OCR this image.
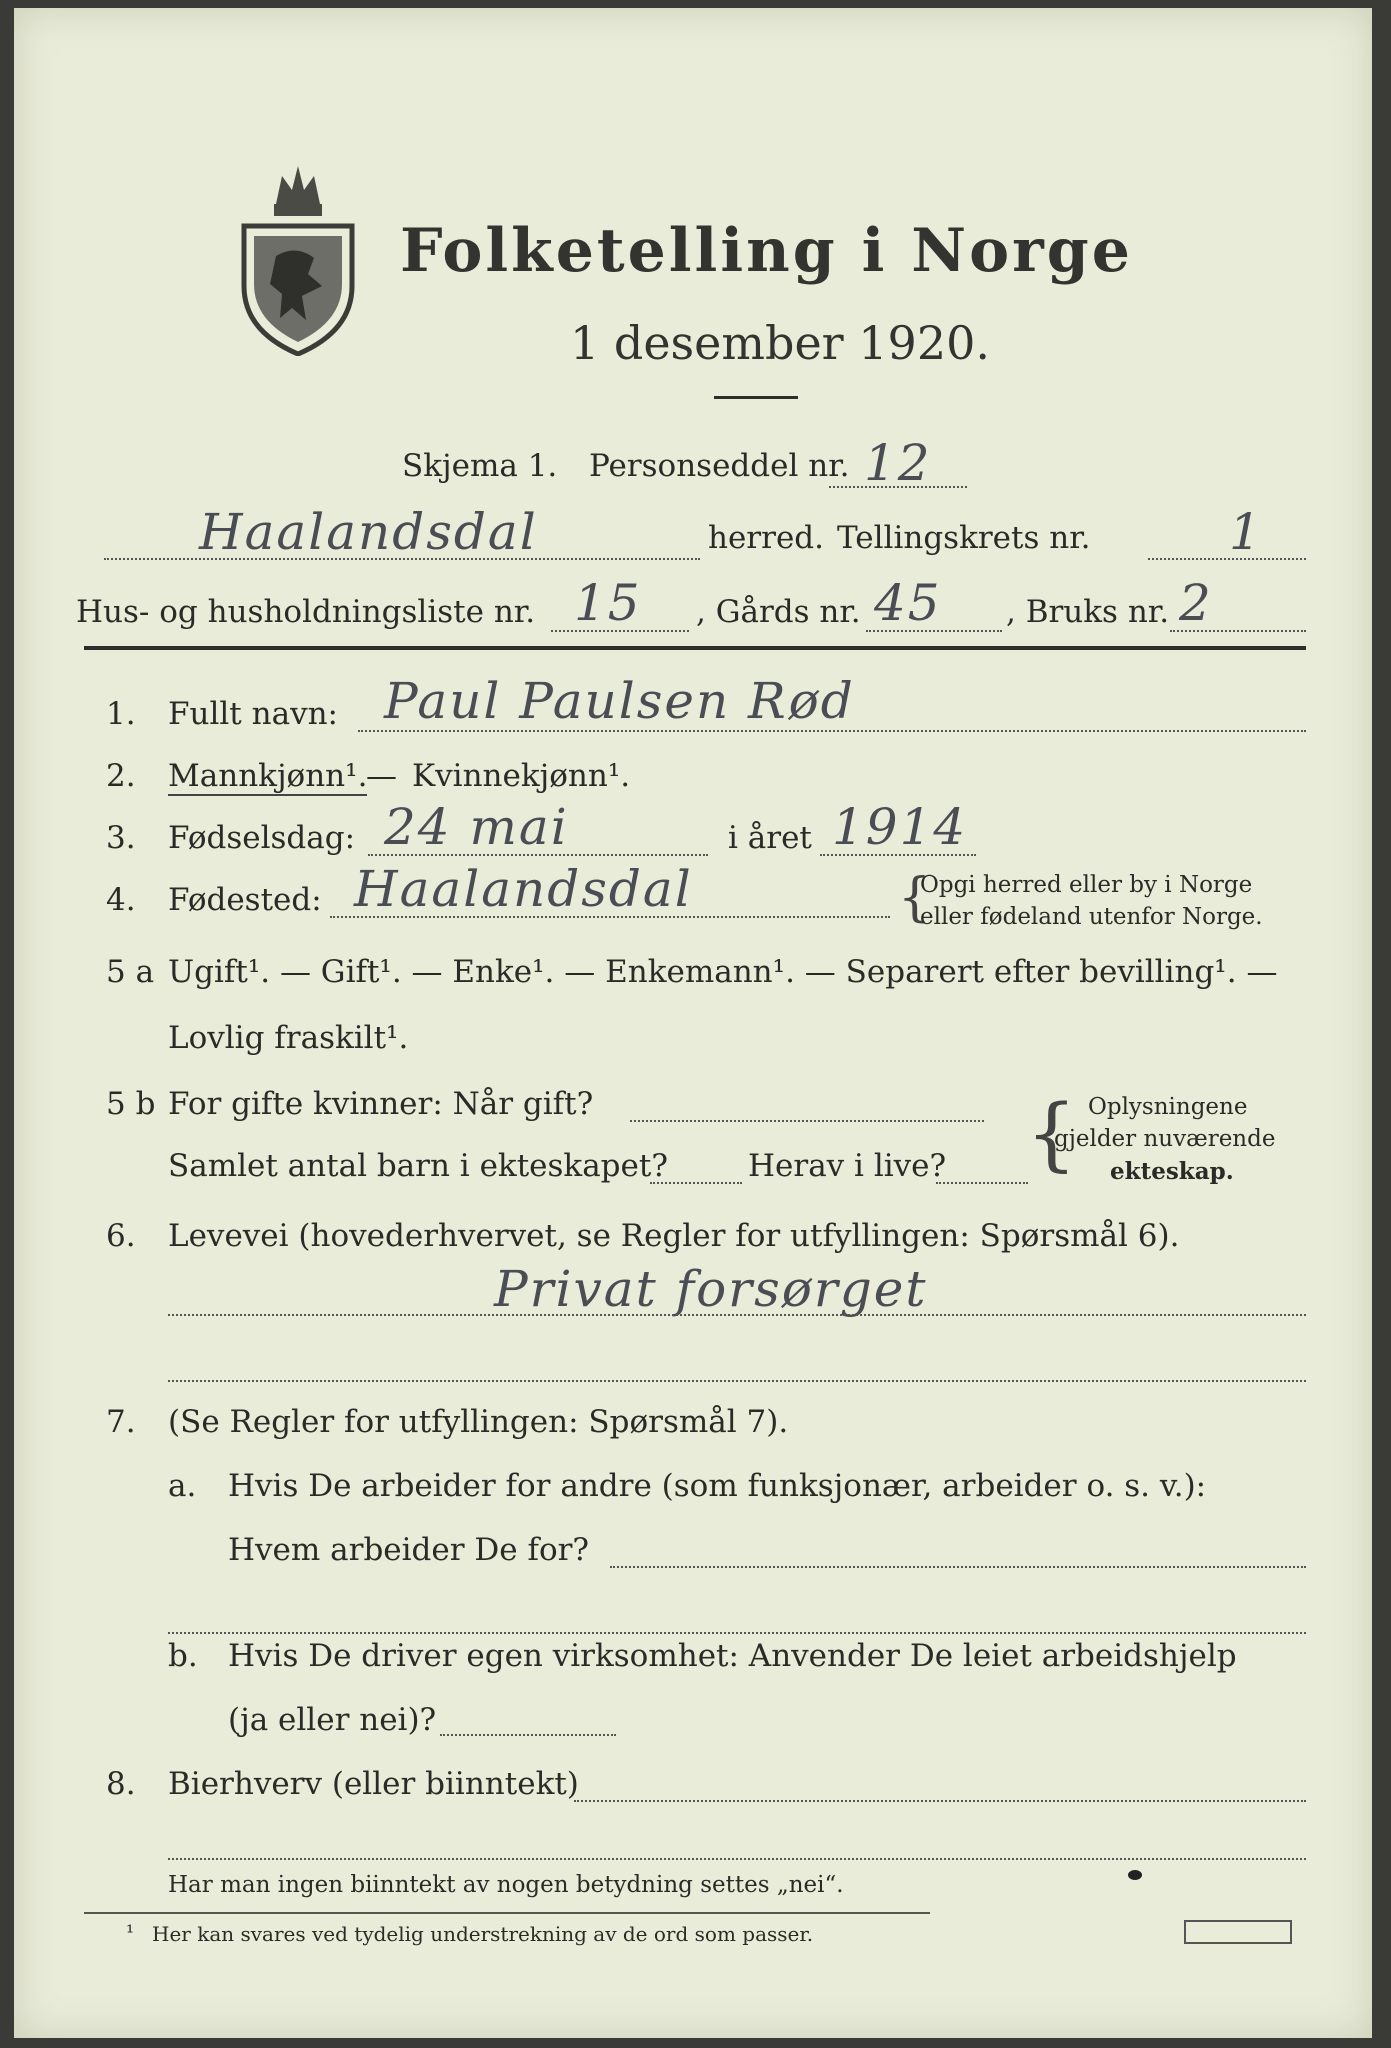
Folketelling i Norge
1 desember 1920.
Skjema 1. Personseddel nr. 12
Haalandsdal	herred. Tellingskrets nr.	1
Hus- og husholdningsliste nr. 15 , Gårds nr. 45 , Bruks nr. 2
1. Fullt navn: Paul Paulsen Rød
2. Mannkjønn¹.
— Kvinnekjønn¹.
3. Fødselsdag: 24 mai	i året 1914
4. Fødested: Haalandsdal	{
Opgi herred eller by i Norge
eller fødeland utenfor Norge.
5 a Ugift¹. — Gift¹. — Enke¹. — Enkemann¹. — Separert efter bevilling¹. —
Lovlig fraskilt¹.
5 b For gifte kvinner: Når gift?
Samlet antal barn i ekteskapet?	Herav i live? { Oplysningene
gjelder nuværende
ekteskap.
6. Levevei (hovederhvervet, se Regler for utfyllingen: Spørsmål 6).
Privat forsørget
7. (Se Regler for utfyllingen: Spørsmål 7).
a. Hvis De arbeider for andre (som funksjonær, arbeider o. s. v.):
Hvem arbeider De for?
b. Hvis De driver egen virksomhet: Anvender De leiet arbeidshjelp
(ja eller nei)?
8. Bierhverv (eller biinntekt)
Har man ingen biinntekt av nogen betydning settes „nei“.
¹ Her kan svares ved tydelig understrekning av de ord som passer.
